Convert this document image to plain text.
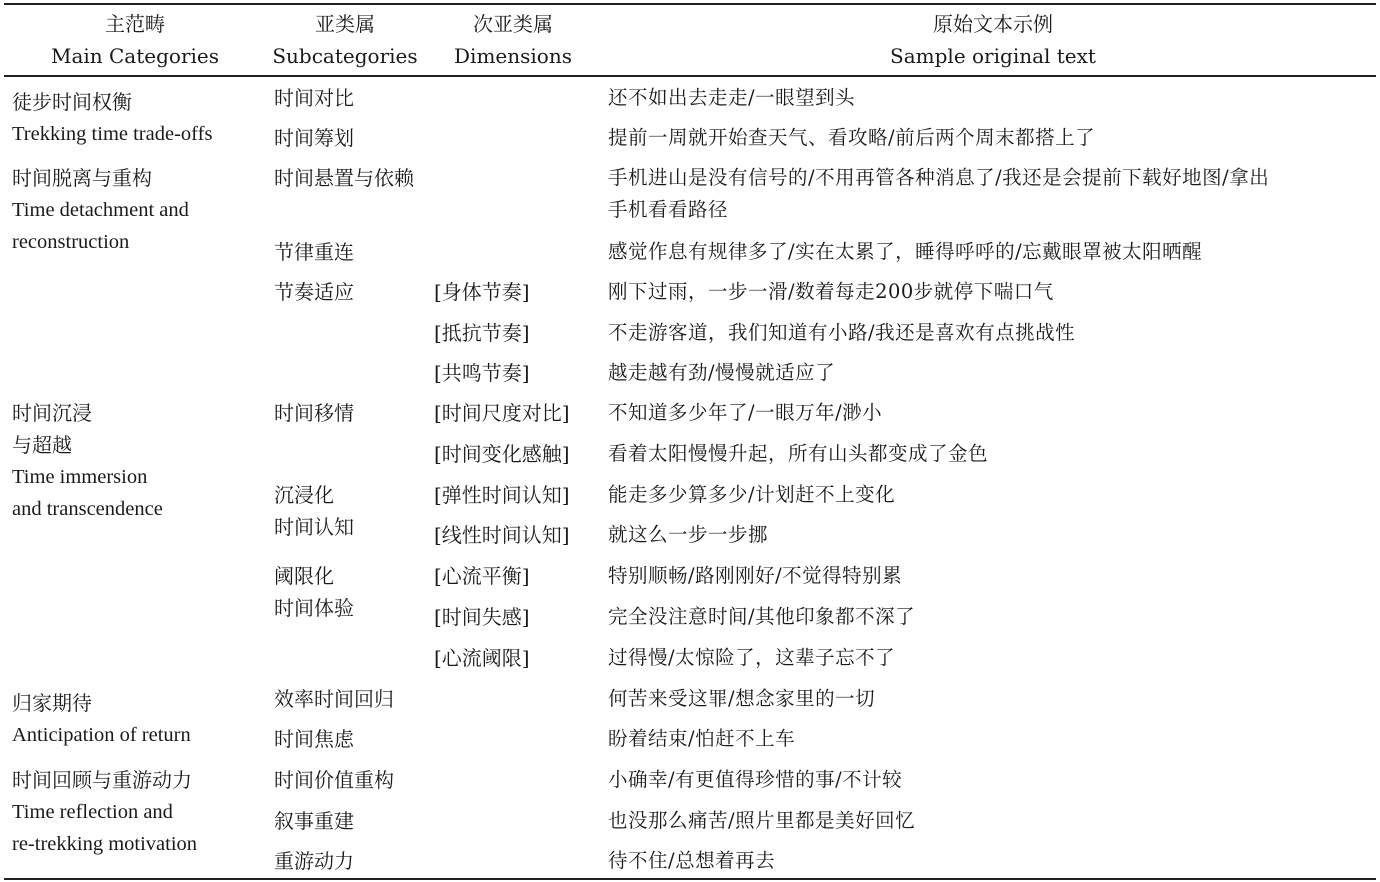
主范畴
Main Categories
亚类属
Subcategories
次亚类属
Dimensions
原始文本示例
Sample original text
徒步时间权衡
Trekking time trade-offs
时间脱离与重构
Time detachment and
reconstruction
时间沉浸
与超越
Time immersion
and transcendence
归家期待
Anticipation of return
时间回顾与重游动力
Time reflection and
re-trekking motivation
时间对比
时间筹划
时间悬置与依赖
节律重连
节奏适应
时间移情
沉浸化
时间认知
阈限化
时间体验
效率时间回归
时间焦虑
时间价值重构
叙事重建
重游动力
[身体节奏]
[抵抗节奏]
[共鸣节奏]
[时间尺度对比]
[时间变化感触]
[弹性时间认知]
[线性时间认知]
[心流平衡]
[时间失感]
[心流阈限]
还不如出去走走/一眼望到头
提前一周就开始查天气、看攻略/前后两个周末都搭上了
手机进山是没有信号的/不用再管各种消息了/我还是会提前下载好地图/拿出
手机看看路径
感觉作息有规律多了/实在太累了，睡得呼呼的/忘戴眼罩被太阳晒醒
刚下过雨，一步一滑/数着每走200步就停下喘口气
不走游客道，我们知道有小路/我还是喜欢有点挑战性
越走越有劲/慢慢就适应了
不知道多少年了/一眼万年/渺小
看着太阳慢慢升起，所有山头都变成了金色
能走多少算多少/计划赶不上变化
就这么一步一步挪
特别顺畅/路刚刚好/不觉得特别累
完全没注意时间/其他印象都不深了
过得慢/太惊险了，这辈子忘不了
何苦来受这罪/想念家里的一切
盼着结束/怕赶不上车
小确幸/有更值得珍惜的事/不计较
也没那么痛苦/照片里都是美好回忆
待不住/总想着再去
